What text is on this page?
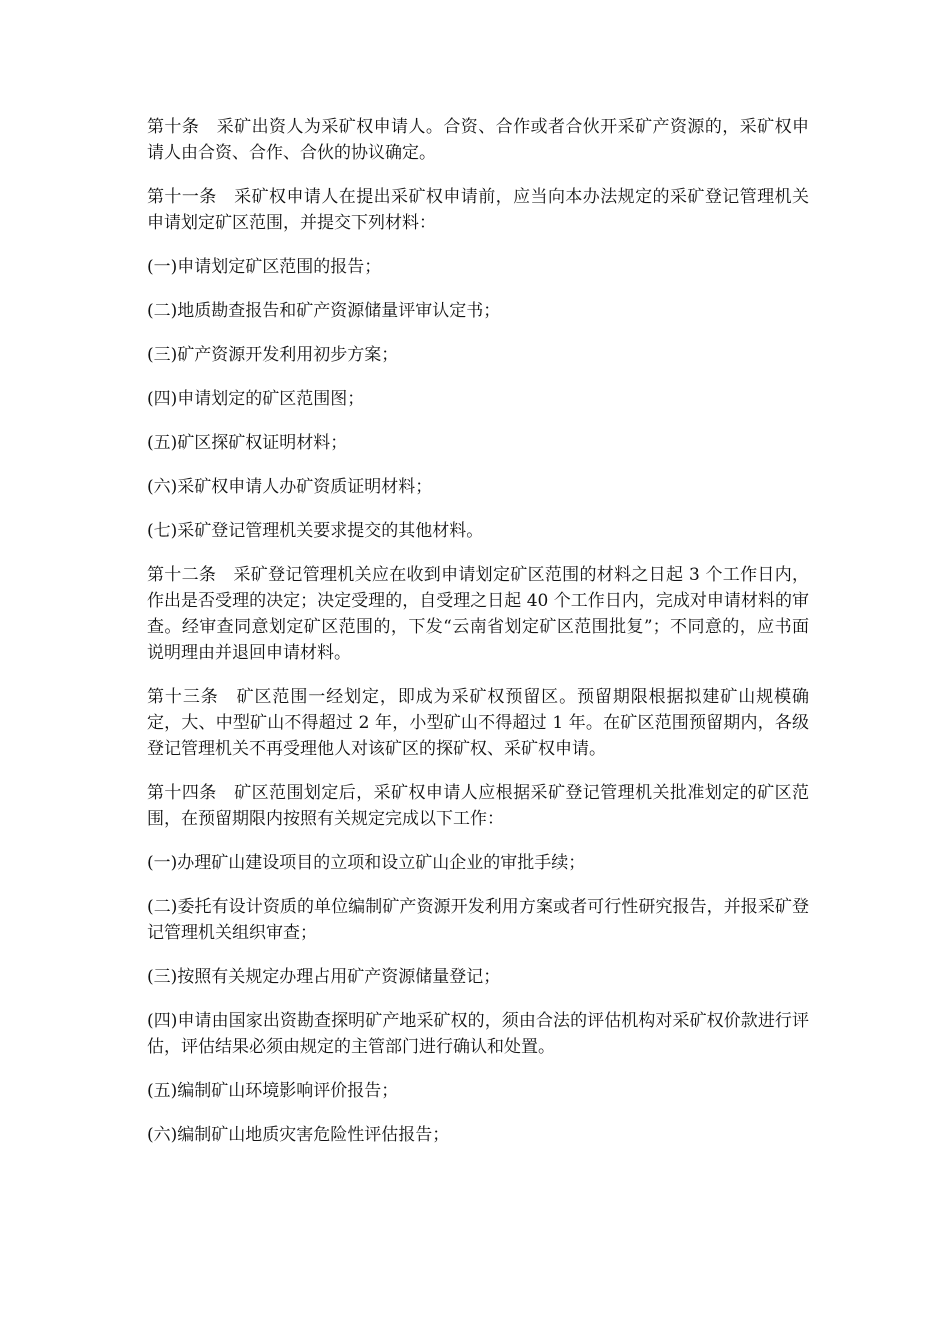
第十条　采矿出资人为采矿权申请人。合资、合作或者合伙开采矿产资源的，采矿权申请人由合资、合作、合伙的协议确定。

第十一条　采矿权申请人在提出采矿权申请前，应当向本办法规定的采矿登记管理机关申请划定矿区范围，并提交下列材料：

(一)申请划定矿区范围的报告；

(二)地质勘查报告和矿产资源储量评审认定书；

(三)矿产资源开发利用初步方案；

(四)申请划定的矿区范围图；

(五)矿区探矿权证明材料；

(六)采矿权申请人办矿资质证明材料；

(七)采矿登记管理机关要求提交的其他材料。

第十二条　采矿登记管理机关应在收到申请划定矿区范围的材料之日起 3 个工作日内，作出是否受理的决定；决定受理的，自受理之日起 40 个工作日内，完成对申请材料的审查。经审查同意划定矿区范围的，下发“云南省划定矿区范围批复”；不同意的，应书面说明理由并退回申请材料。

第十三条　矿区范围一经划定，即成为采矿权预留区。预留期限根据拟建矿山规模确定，大、中型矿山不得超过 2 年，小型矿山不得超过 1 年。在矿区范围预留期内，各级登记管理机关不再受理他人对该矿区的探矿权、采矿权申请。

第十四条　矿区范围划定后，采矿权申请人应根据采矿登记管理机关批准划定的矿区范围，在预留期限内按照有关规定完成以下工作：

(一)办理矿山建设项目的立项和设立矿山企业的审批手续；

(二)委托有设计资质的单位编制矿产资源开发利用方案或者可行性研究报告，并报采矿登记管理机关组织审查；

(三)按照有关规定办理占用矿产资源储量登记；

(四)申请由国家出资勘查探明矿产地采矿权的，须由合法的评估机构对采矿权价款进行评估，评估结果必须由规定的主管部门进行确认和处置。

(五)编制矿山环境影响评价报告；

(六)编制矿山地质灾害危险性评估报告；
